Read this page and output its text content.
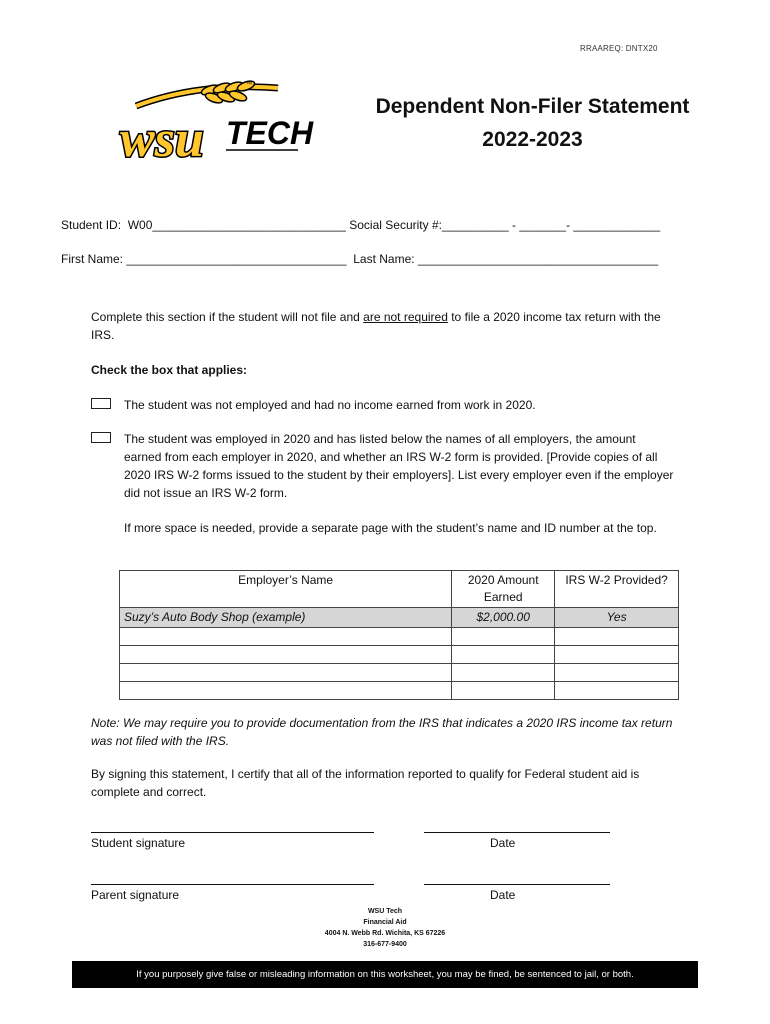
RRAAREQ: DNTX20
wsu TECH
™
Dependent Non-Filer Statement
2022-2023
Student ID:  W00_____________________________ Social Security #:__________ - _______- _____________
First Name: _________________________________  Last Name: ____________________________________
Complete this section if the student will not file and are not required to file a 2020 income tax return with the IRS.
Check the box that applies:
The student was not employed and had no income earned from work in 2020.
The student was employed in 2020 and has listed below the names of all employers, the amount earned from each employer in 2020, and whether an IRS W-2 form is provided. [Provide copies of all 2020 IRS W-2 forms issued to the student by their employers]. List every employer even if the employer did not issue an IRS W-2 form.
If more space is needed, provide a separate page with the student’s name and ID number at the top.
Employer’s Name	2020 Amount Earned	IRS W-2 Provided?
Suzy’s Auto Body Shop (example)	$2,000.00	Yes

Note: We may require you to provide documentation from the IRS that indicates a 2020 IRS income tax return was not filed with the IRS.
By signing this statement, I certify that all of the information reported to qualify for Federal student aid is complete and correct.
Student signature	Date
Parent signature	Date
WSU Tech
Financial Aid
4004 N. Webb Rd. Wichita, KS 67226
316-677-9400
If you purposely give false or misleading information on this worksheet, you may be fined, be sentenced to jail, or both.
